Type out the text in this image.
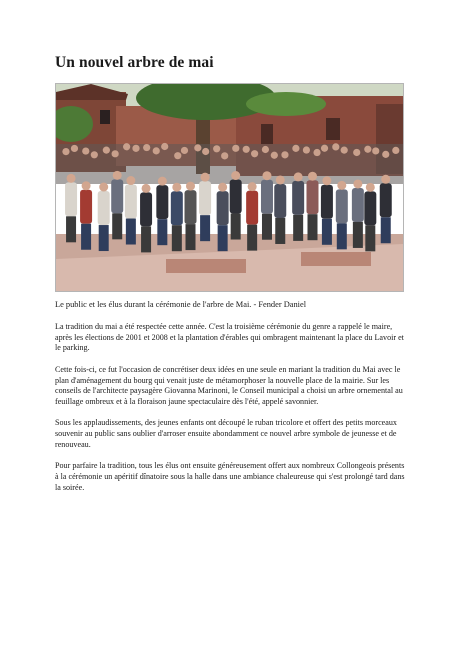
Un nouvel arbre de mai
Le public et les élus durant la cérémonie de l'arbre de Mai. - Fender Daniel

La tradition du mai a été respectée cette année. C'est la troisième cérémonie du genre a rappelé le maire, après les élections de 2001 et 2008 et la plantation d'érables qui ombragent maintenant la place du Lavoir et le parking.

Cette fois-ci, ce fut l'occasion de concrétiser deux idées en une seule en mariant la tradition du Mai avec le plan d'aménagement du bourg qui venait juste de métamorphoser la nouvelle place de la mairie. Sur les conseils de l'architecte paysagère Giovanna Marinoni, le Conseil municipal a choisi un arbre ornemental au feuillage ombreux et à la floraison jaune spectaculaire dès l'été, appelé savonnier.

Sous les applaudissements, des jeunes enfants ont découpé le ruban tricolore et offert des petits morceaux souvenir au public sans oublier d'arroser ensuite abondamment ce nouvel arbre symbole de jeunesse et de renouveau.

Pour parfaire la tradition, tous les élus ont ensuite généreusement offert aux nombreux Collongeois présents à la cérémonie un apéritif dînatoire sous la halle dans une ambiance chaleureuse qui s'est prolongé tard dans la soirée.
